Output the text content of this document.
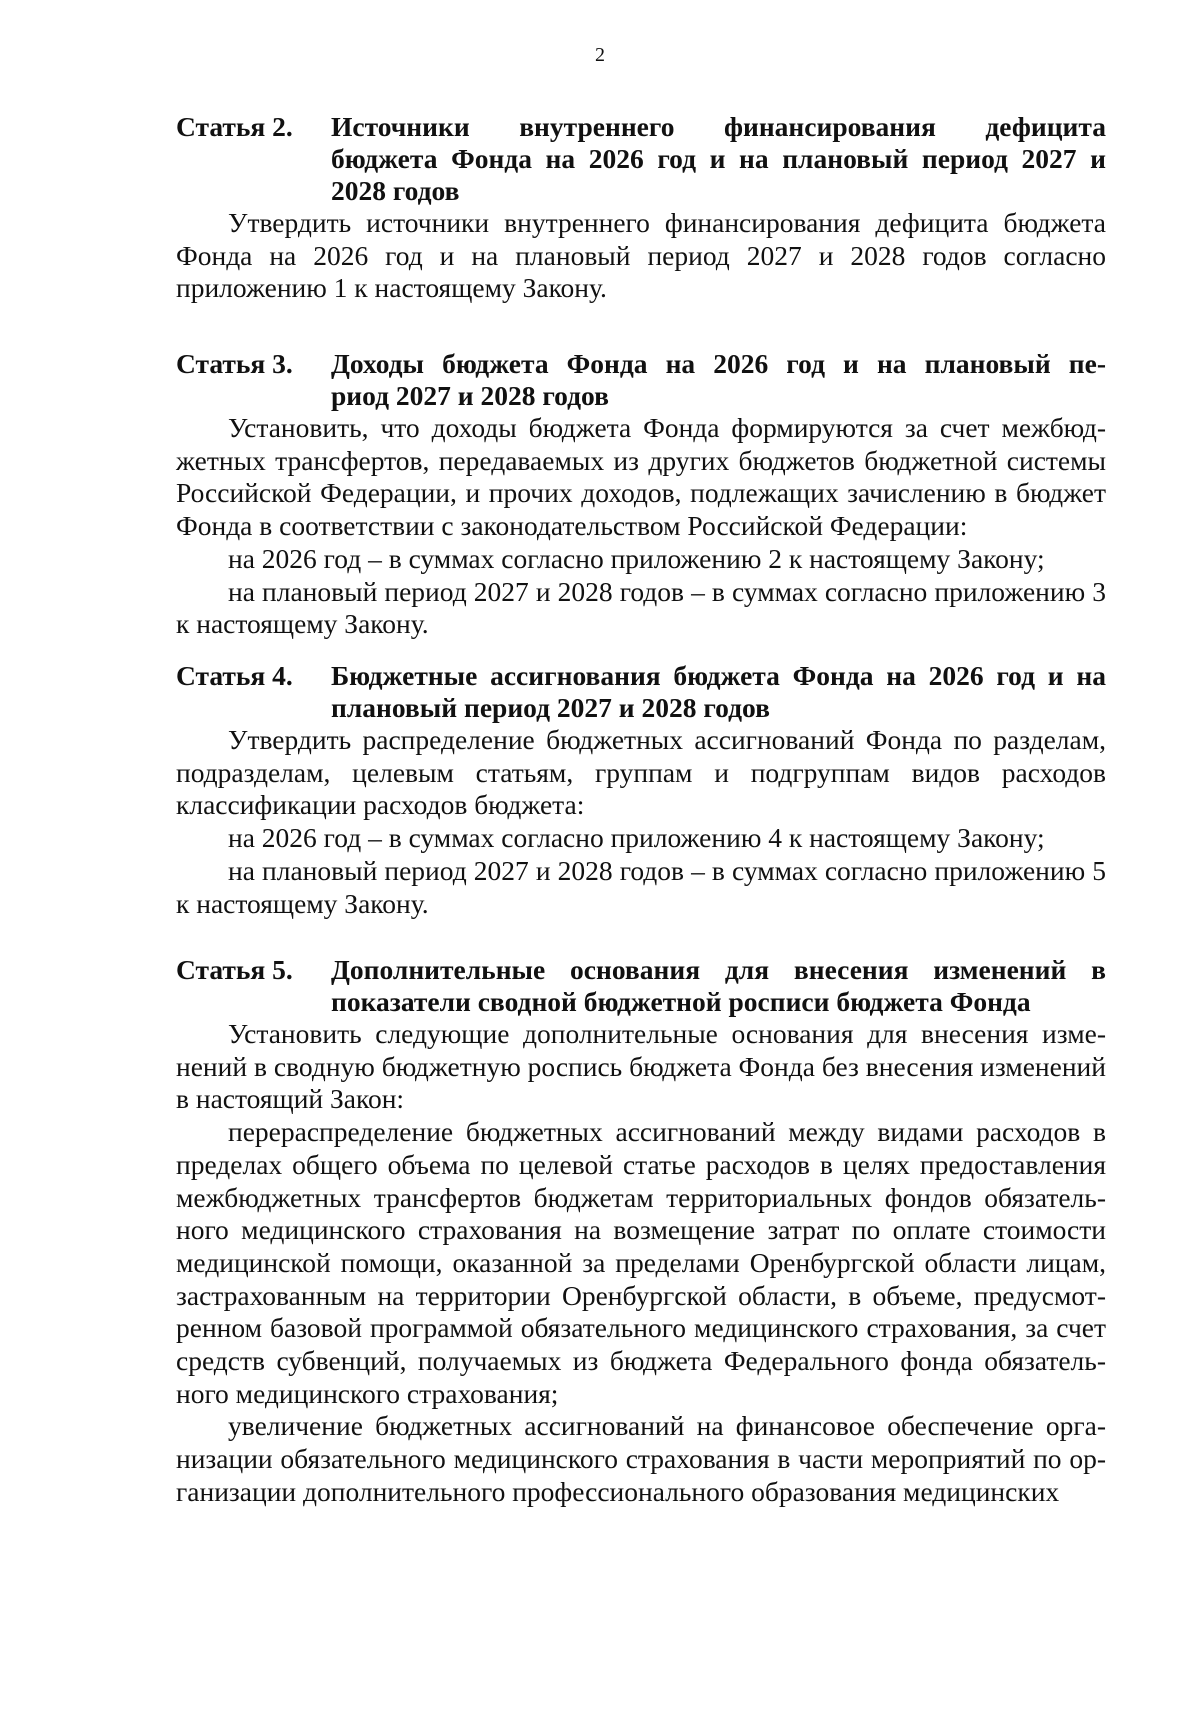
2
Статья 2.	Источники внутреннего финансирования дефицита
бюджета Фонда на 2026 год и на плановый период 2027 и
2028 годов

Утвердить источники внутреннего финансирования дефицита бюджета Фонда на 2026 год и на плановый период 2027 и 2028 годов согласно приложению 1 к настоящему Закону.

Статья 3.	Доходы бюджета Фонда на 2026 год и на плановый пе-
риод 2027 и 2028 годов

Установить, что доходы бюджета Фонда формируются за счет межбюджетных трансфертов, передаваемых из других бюджетов бюджетной системы Российской Федерации, и прочих доходов, подлежащих зачислению в бюджет Фонда в соответствии с законодательством Российской Федерации:

на 2026 год – в суммах согласно приложению 2 к настоящему Закону;

на плановый период 2027 и 2028 годов – в суммах согласно приложению 3 к настоящему Закону.

Статья 4.	Бюджетные ассигнования бюджета Фонда на 2026 год и на
плановый период 2027 и 2028 годов

Утвердить распределение бюджетных ассигнований Фонда по разделам, подразделам, целевым статьям, группам и подгруппам видов расходов классификации расходов бюджета:

на 2026 год – в суммах согласно приложению 4 к настоящему Закону;

на плановый период 2027 и 2028 годов – в суммах согласно приложению 5 к настоящему Закону.

Статья 5.	Дополнительные основания для внесения изменений в
показатели сводной бюджетной росписи бюджета Фонда

Установить следующие дополнительные основания для внесения изменений в сводную бюджетную роспись бюджета Фонда без внесения изменений в настоящий Закон:

перераспределение бюджетных ассигнований между видами расходов в пределах общего объема по целевой статье расходов в целях предоставления межбюджетных трансфертов бюджетам территориальных фондов обязательного медицинского страхования на возмещение затрат по оплате стоимости медицинской помощи, оказанной за пределами Оренбургской области лицам, застрахованным на территории Оренбургской области, в объеме, предусмотренном базовой программой обязательного медицинского страхования, за счет средств субвенций, получаемых из бюджета Федерального фонда обязательного медицинского страхования;

увеличение бюджетных ассигнований на финансовое обеспечение организации обязательного медицинского страхования в части мероприятий по организации дополнительного профессионального образования медицинских
